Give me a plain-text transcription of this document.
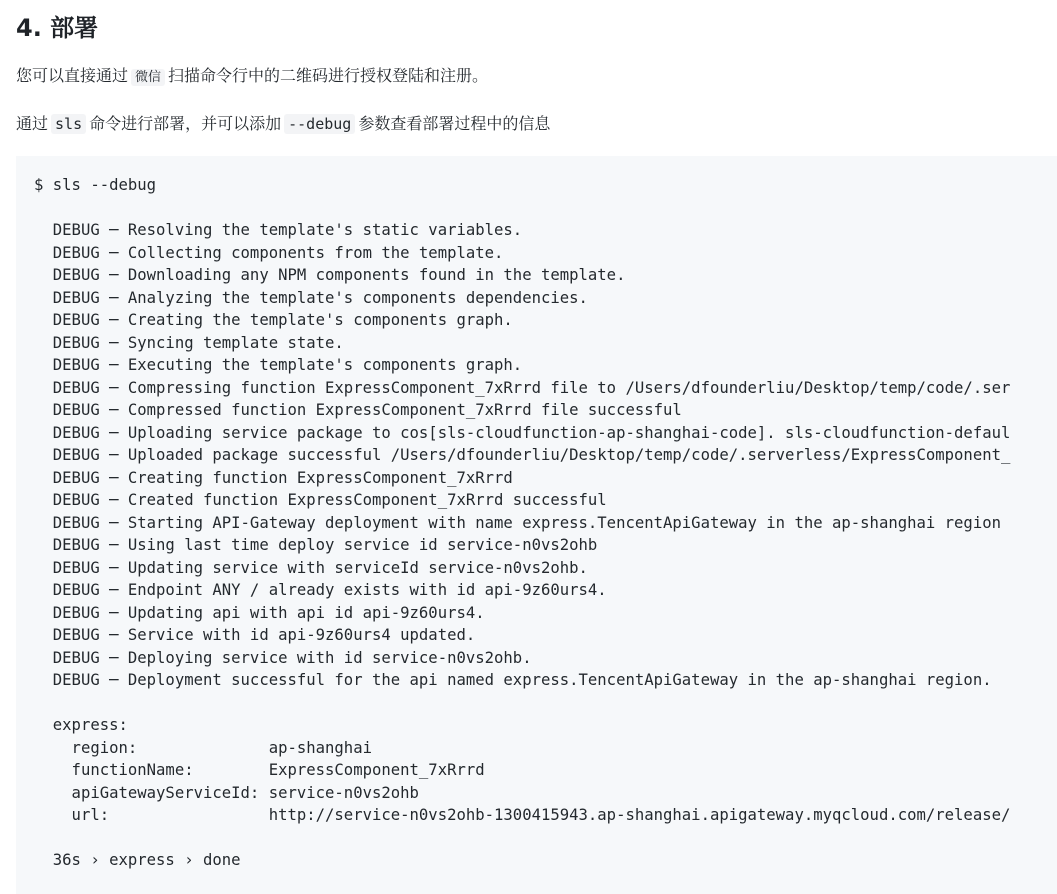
4. 部署

您可以直接通过 微信 扫描命令行中的二维码进行授权登陆和注册。

通过 sls 命令进行部署，并可以添加 --debug 参数查看部署过程中的信息

$ sls --debug
DEBUG ─ Resolving the template's static variables.
DEBUG ─ Collecting components from the template.
DEBUG ─ Downloading any NPM components found in the template.
DEBUG ─ Analyzing the template's components dependencies.
DEBUG ─ Creating the template's components graph.
DEBUG ─ Syncing template state.
DEBUG ─ Executing the template's components graph.
DEBUG ─ Compressing function ExpressComponent_7xRrrd file to /Users/dfounderliu/Desktop/temp/code/.ser
DEBUG ─ Compressed function ExpressComponent_7xRrrd file successful
DEBUG ─ Uploading service package to cos[sls-cloudfunction-ap-shanghai-code]. sls-cloudfunction-defaul
DEBUG ─ Uploaded package successful /Users/dfounderliu/Desktop/temp/code/.serverless/ExpressComponent_
DEBUG ─ Creating function ExpressComponent_7xRrrd
DEBUG ─ Created function ExpressComponent_7xRrrd successful
DEBUG ─ Starting API-Gateway deployment with name express.TencentApiGateway in the ap-shanghai region
DEBUG ─ Using last time deploy service id service-n0vs2ohb
DEBUG ─ Updating service with serviceId service-n0vs2ohb.
DEBUG ─ Endpoint ANY / already exists with id api-9z60urs4.
DEBUG ─ Updating api with api id api-9z60urs4.
DEBUG ─ Service with id api-9z60urs4 updated.
DEBUG ─ Deploying service with id service-n0vs2ohb.
DEBUG ─ Deployment successful for the api named express.TencentApiGateway in the ap-shanghai region.
express:
region:              ap-shanghai
functionName:        ExpressComponent_7xRrrd
apiGatewayServiceId: service-n0vs2ohb
url:                 http://service-n0vs2ohb-1300415943.ap-shanghai.apigateway.myqcloud.com/release/
36s › express › done
